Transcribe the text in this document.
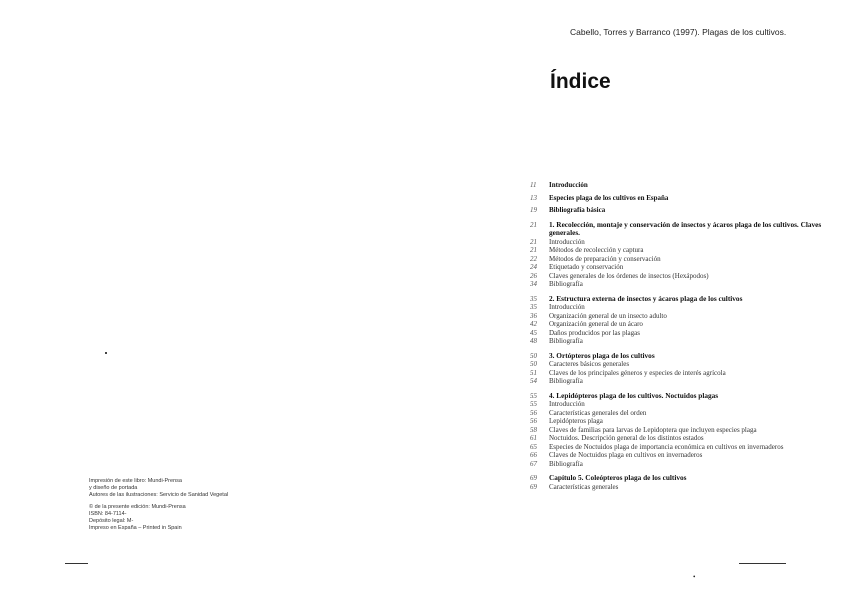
Impresión de este libro: Mundi-Prensa
y diseño de portada
Autores de las ilustraciones: Servicio de Sanidad Vegetal
© de la presente edición: Mundi-Prensa
ISBN: 84-7114-
Depósito legal: M-
Impreso en España – Printed in Spain
Cabello, Torres y Barranco (1997). Plagas de los cultivos.
Índice
11	Introducción
13	Especies plaga de los cultivos en España
19	Bibliografía básica
21	1. Recolección, montaje y conservación de insectos y ácaros plaga de los cultivos. Claves generales.
21	Introducción
21	Métodos de recolección y captura
22	Métodos de preparación y conservación
24	Etiquetado y conservación
26	Claves generales de los órdenes de insectos (Hexápodos)
34	Bibliografía
35	2. Estructura externa de insectos y ácaros plaga de los cultivos
35	Introducción
36	Organización general de un insecto adulto
42	Organización general de un ácaro
45	Daños producidos por las plagas
48	Bibliografía
50	3. Ortópteros plaga de los cultivos
50	Caracteres básicos generales
51	Claves de los principales géneros y especies de interés agrícola
54	Bibliografía
55	4. Lepidópteros plaga de los cultivos. Noctuidos plagas
55	Introducción
56	Características generales del orden
56	Lepidópteros plaga
58	Claves de familias para larvas de Lepidoptera que incluyen especies plaga
61	Noctuidos. Descripción general de los distintos estados
65	Especies de Noctuidos plaga de importancia económica en cultivos en invernaderos
66	Claves de Noctuidos plaga en cultivos en invernaderos
67	Bibliografía
69	Capítulo 5. Coleópteros plaga de los cultivos
69	Características generales
•
